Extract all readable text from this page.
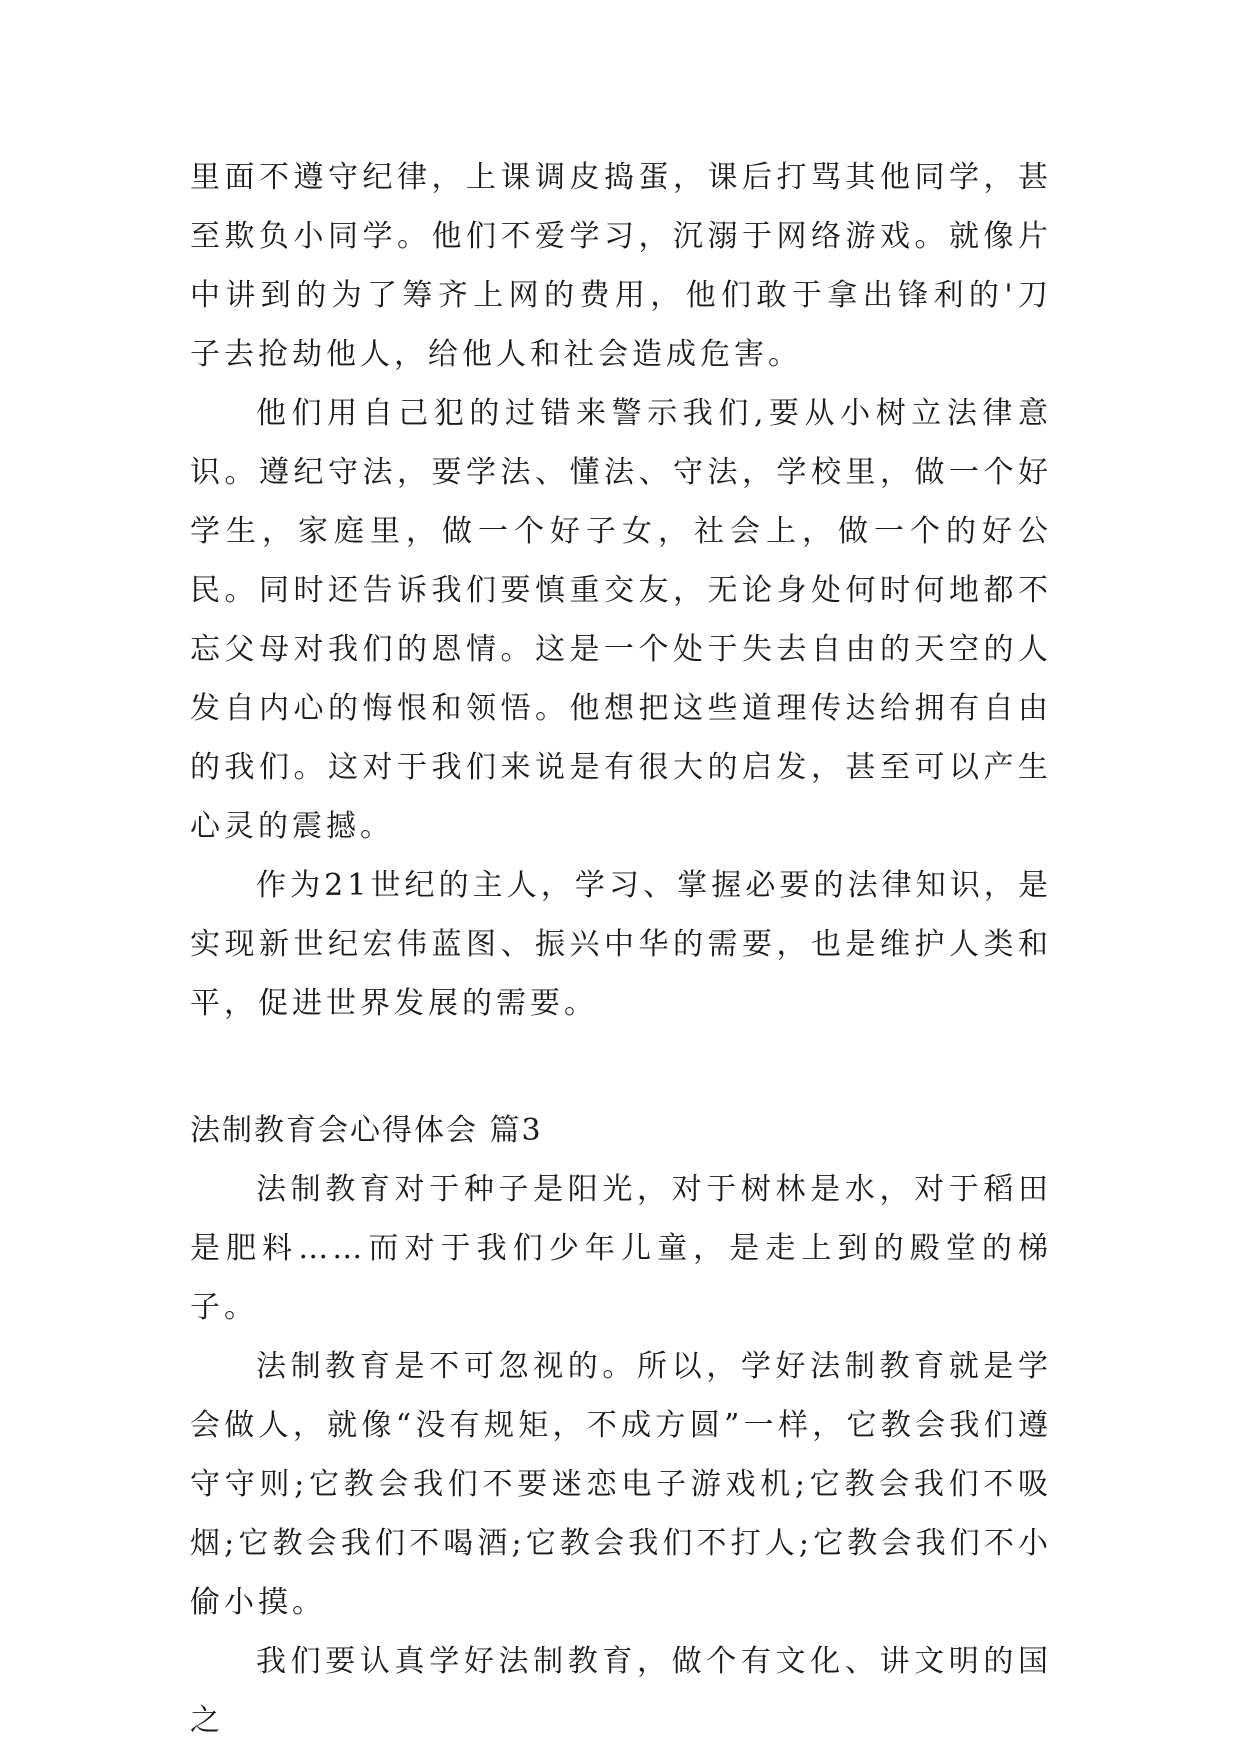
里面不遵守纪律，上课调皮捣蛋，课后打骂其他同学，甚至欺负小同学。他们不爱学习，沉溺于网络游戏。就像片中讲到的为了筹齐上网的费用，他们敢于拿出锋利的'刀子去抢劫他人，给他人和社会造成危害。

他们用自己犯的过错来警示我们,要从小树立法律意识。遵纪守法，要学法、懂法、守法，学校里，做一个好学生，家庭里，做一个好子女，社会上，做一个的好公民。同时还告诉我们要慎重交友，无论身处何时何地都不忘父母对我们的恩情。这是一个处于失去自由的天空的人发自内心的悔恨和领悟。他想把这些道理传达给拥有自由的我们。这对于我们来说是有很大的启发，甚至可以产生心灵的震撼。

作为21世纪的主人，学习、掌握必要的法律知识，是实现新世纪宏伟蓝图、振兴中华的需要，也是维护人类和平，促进世界发展的需要。

法制教育会心得体会 篇3

法制教育对于种子是阳光，对于树林是水，对于稻田是肥料……而对于我们少年儿童，是走上到的殿堂的梯子。

法制教育是不可忽视的。所以，学好法制教育就是学会做人，就像“没有规矩，不成方圆”一样，它教会我们遵守守则;它教会我们不要迷恋电子游戏机;它教会我们不吸烟;它教会我们不喝酒;它教会我们不打人;它教会我们不小偷小摸。

我们要认真学好法制教育，做个有文化、讲文明的国之
